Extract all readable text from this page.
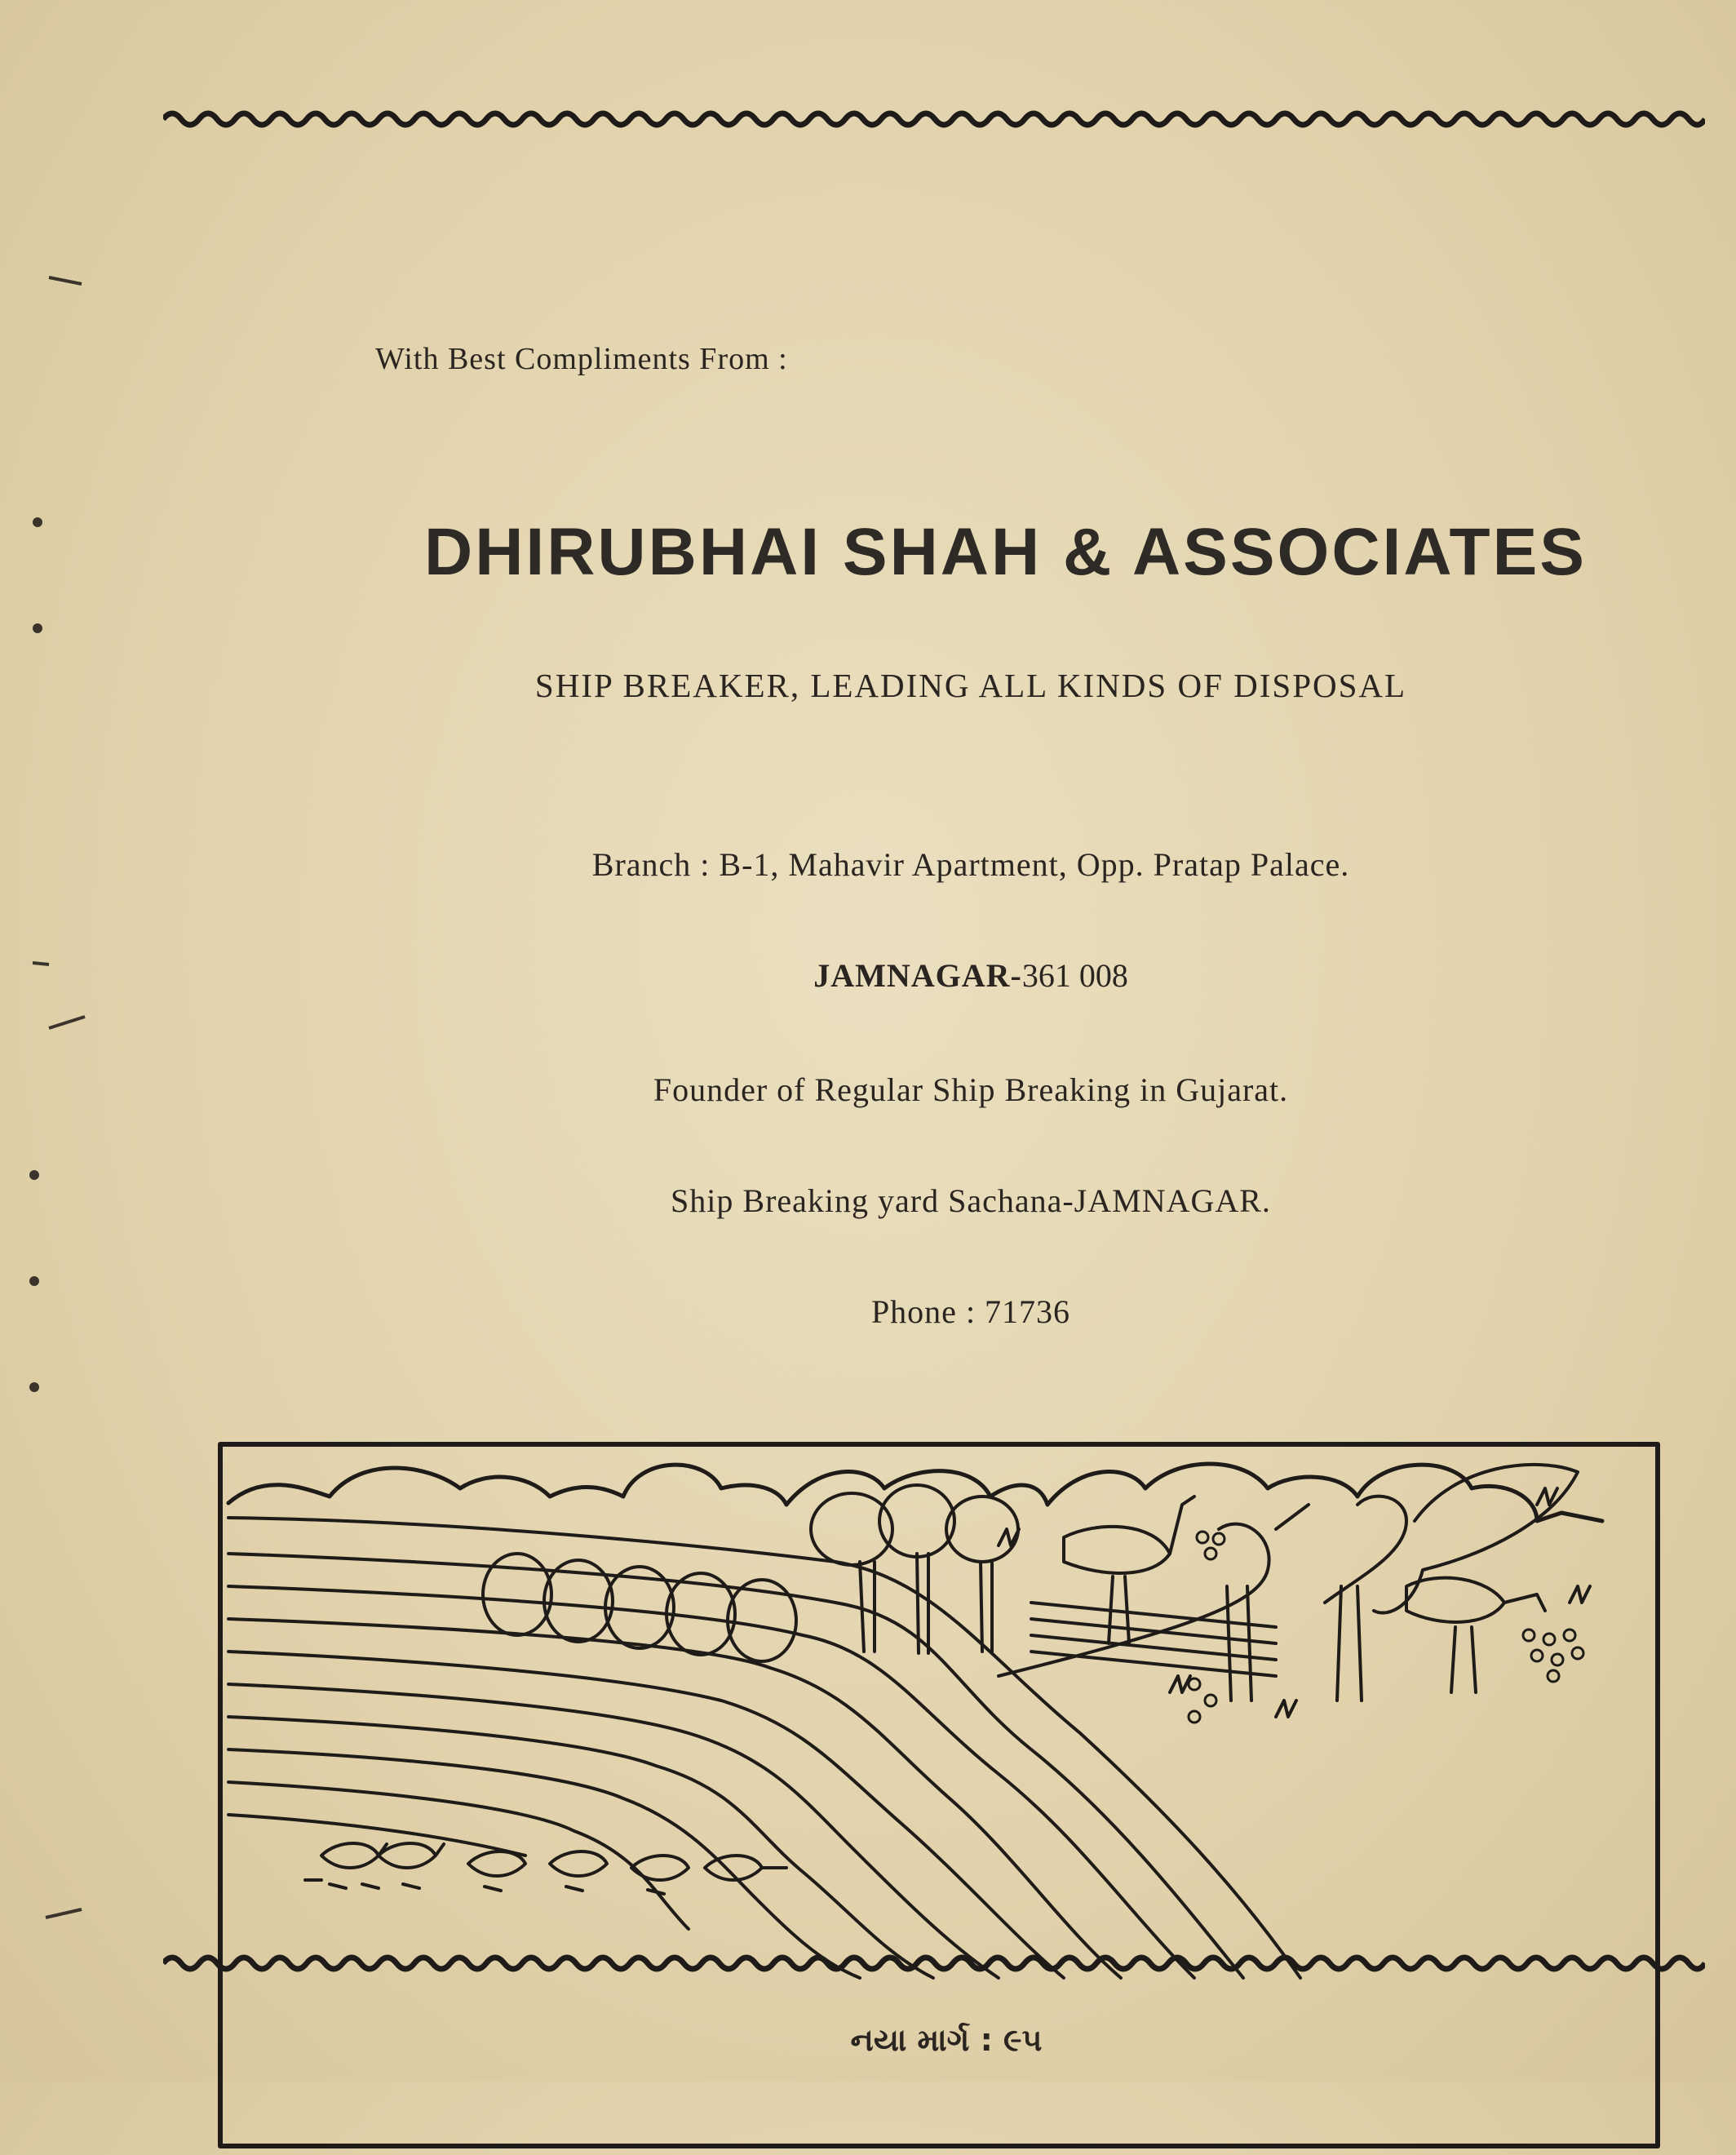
With Best Compliments From :
DHIRUBHAI SHAH & ASSOCIATES
SHIP BREAKER, LEADING ALL KINDS OF DISPOSAL
Branch : B-1, Mahavir Apartment, Opp. Pratap Palace.
JAMNAGAR-361 008
Founder of Regular Ship Breaking in Gujarat.
Ship Breaking yard Sachana-JAMNAGAR.
Phone : 71736
નયા માર્ગ : ૯૫
